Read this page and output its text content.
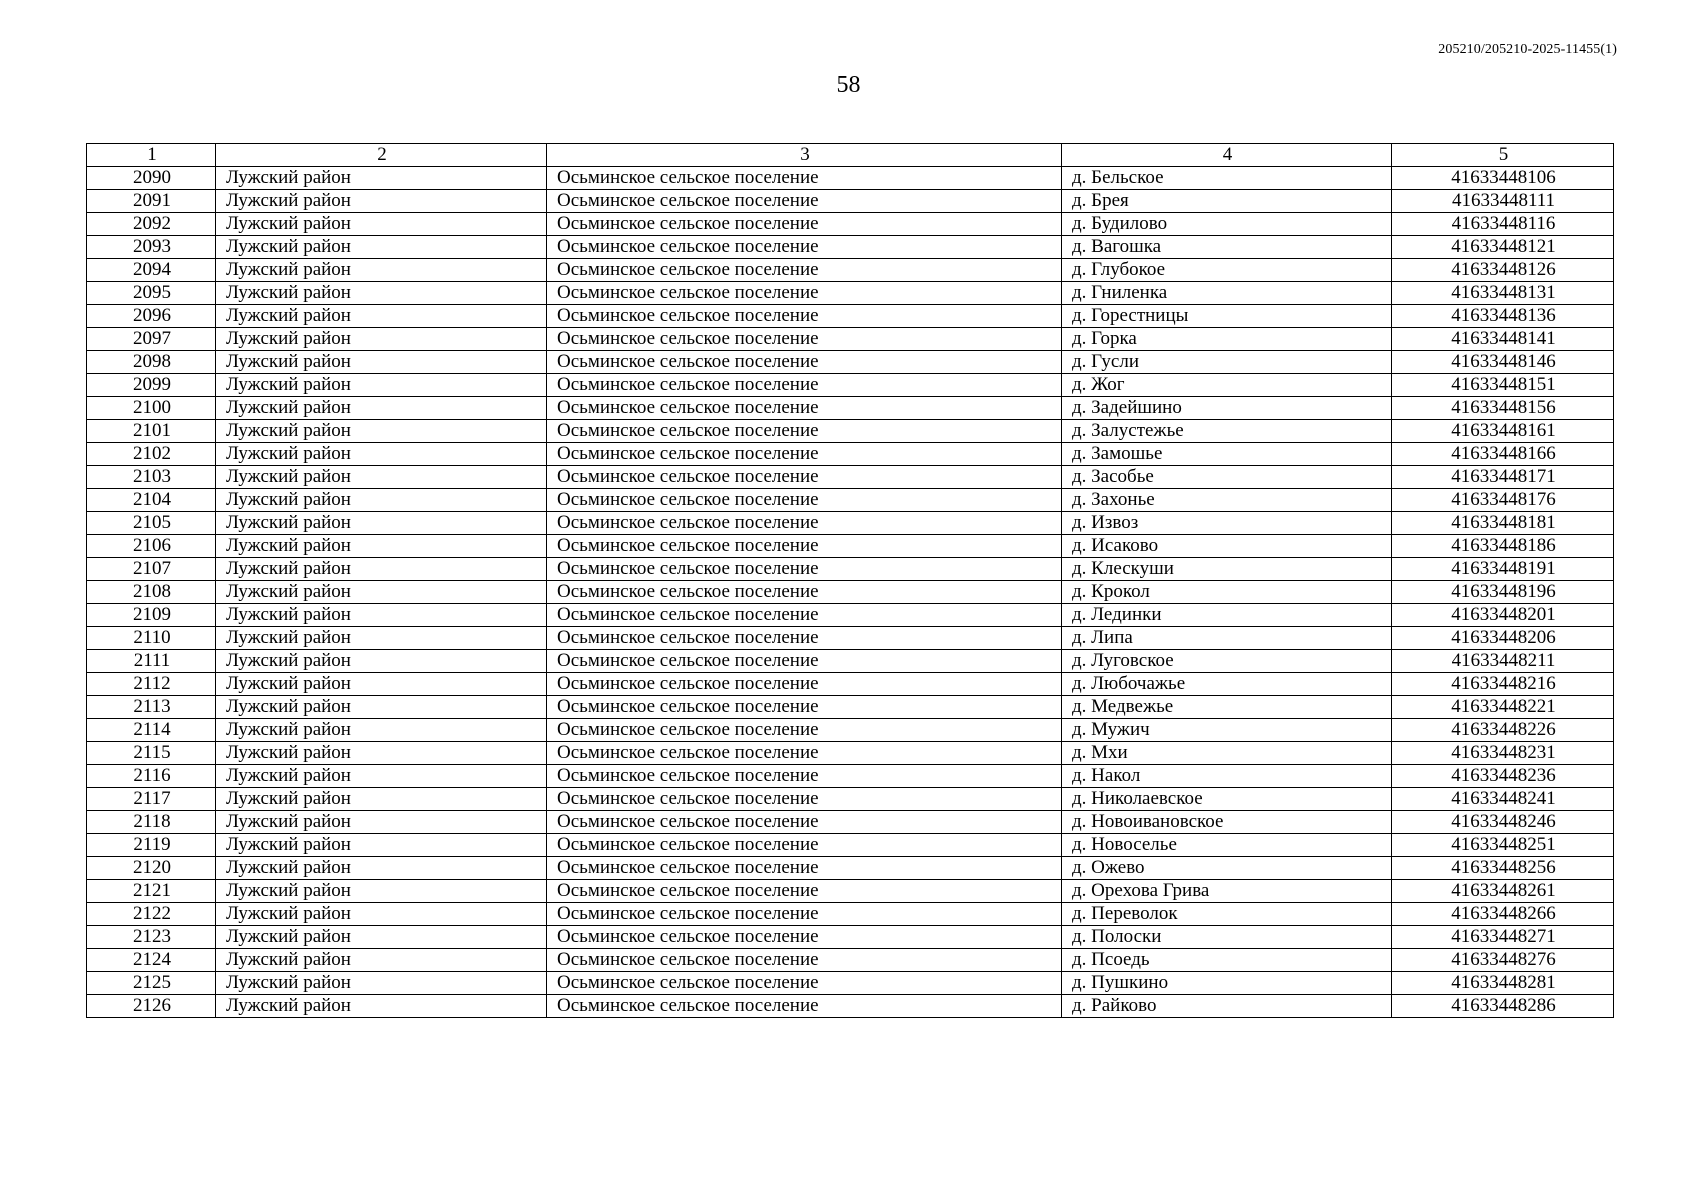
205210/205210-2025-11455(1)
58
1	2	3	4	5
2090	Лужский район	Осьминское сельское поселение	д. Бельское	41633448106
2091	Лужский район	Осьминское сельское поселение	д. Брея	41633448111
2092	Лужский район	Осьминское сельское поселение	д. Будилово	41633448116
2093	Лужский район	Осьминское сельское поселение	д. Вагошка	41633448121
2094	Лужский район	Осьминское сельское поселение	д. Глубокое	41633448126
2095	Лужский район	Осьминское сельское поселение	д. Гниленка	41633448131
2096	Лужский район	Осьминское сельское поселение	д. Горестницы	41633448136
2097	Лужский район	Осьминское сельское поселение	д. Горка	41633448141
2098	Лужский район	Осьминское сельское поселение	д. Гусли	41633448146
2099	Лужский район	Осьминское сельское поселение	д. Жог	41633448151
2100	Лужский район	Осьминское сельское поселение	д. Задейшино	41633448156
2101	Лужский район	Осьминское сельское поселение	д. Залустежье	41633448161
2102	Лужский район	Осьминское сельское поселение	д. Замошье	41633448166
2103	Лужский район	Осьминское сельское поселение	д. Засобье	41633448171
2104	Лужский район	Осьминское сельское поселение	д. Захонье	41633448176
2105	Лужский район	Осьминское сельское поселение	д. Извоз	41633448181
2106	Лужский район	Осьминское сельское поселение	д. Исаково	41633448186
2107	Лужский район	Осьминское сельское поселение	д. Клескуши	41633448191
2108	Лужский район	Осьминское сельское поселение	д. Крокол	41633448196
2109	Лужский район	Осьминское сельское поселение	д. Лединки	41633448201
2110	Лужский район	Осьминское сельское поселение	д. Липа	41633448206
2111	Лужский район	Осьминское сельское поселение	д. Луговское	41633448211
2112	Лужский район	Осьминское сельское поселение	д. Любочажье	41633448216
2113	Лужский район	Осьминское сельское поселение	д. Медвежье	41633448221
2114	Лужский район	Осьминское сельское поселение	д. Мужич	41633448226
2115	Лужский район	Осьминское сельское поселение	д. Мхи	41633448231
2116	Лужский район	Осьминское сельское поселение	д. Накол	41633448236
2117	Лужский район	Осьминское сельское поселение	д. Николаевское	41633448241
2118	Лужский район	Осьминское сельское поселение	д. Новоивановское	41633448246
2119	Лужский район	Осьминское сельское поселение	д. Новоселье	41633448251
2120	Лужский район	Осьминское сельское поселение	д. Ожево	41633448256
2121	Лужский район	Осьминское сельское поселение	д. Орехова Грива	41633448261
2122	Лужский район	Осьминское сельское поселение	д. Переволок	41633448266
2123	Лужский район	Осьминское сельское поселение	д. Полоски	41633448271
2124	Лужский район	Осьминское сельское поселение	д. Псоедь	41633448276
2125	Лужский район	Осьминское сельское поселение	д. Пушкино	41633448281
2126	Лужский район	Осьминское сельское поселение	д. Райково	41633448286
